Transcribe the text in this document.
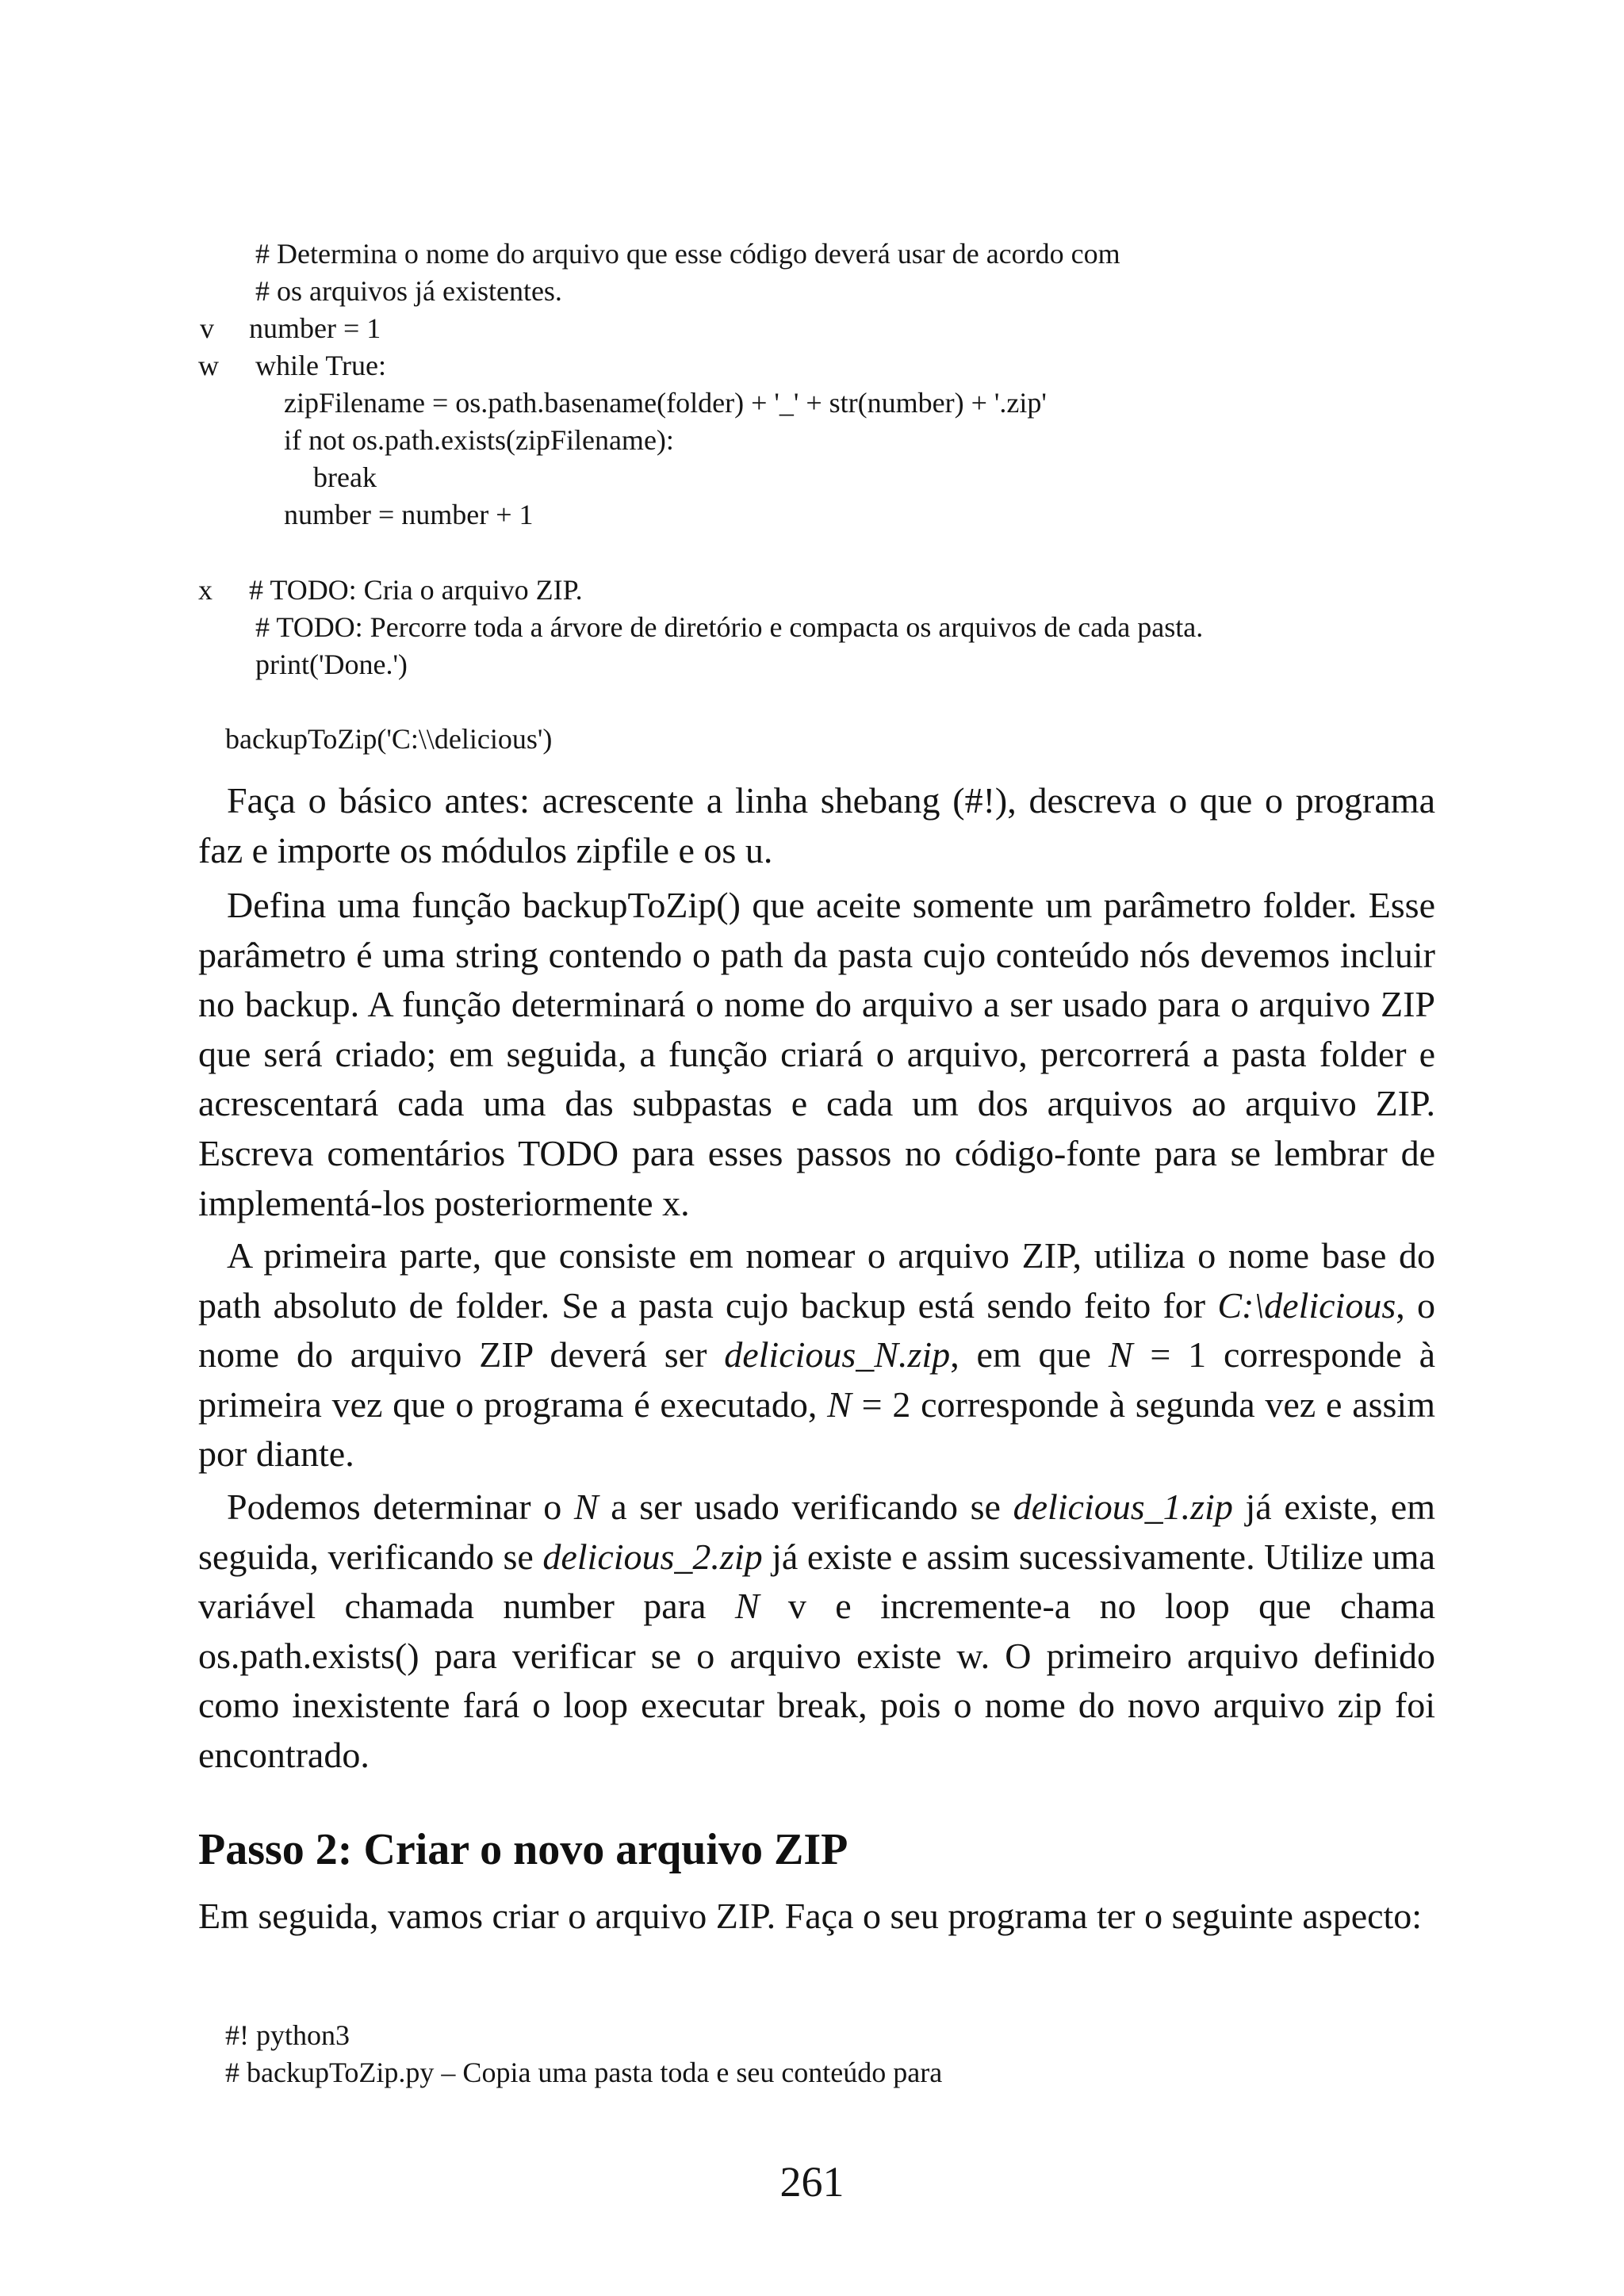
# Determina o nome do arquivo que esse código deverá usar de acordo com
# os arquivos já existentes.
v number = 1
w while True:
zipFilename = os.path.basename(folder) + '_' + str(number) + '.zip'
if not os.path.exists(zipFilename):
break
number = number + 1
x # TODO: Cria o arquivo ZIP.
# TODO: Percorre toda a árvore de diretório e compacta os arquivos de cada pasta.
print('Done.')
backupToZip('C:\\delicious')

Faça o básico antes: acrescente a linha shebang (#!), descreva o que o programa faz e importe os módulos zipfile e os u.

Defina uma função backupToZip() que aceite somente um parâmetro folder. Esse parâmetro é uma string contendo o path da pasta cujo conteúdo nós devemos incluir no backup. A função determinará o nome do arquivo a ser usado para o arquivo ZIP que será criado; em seguida, a função criará o arquivo, percorrerá a pasta folder e acrescentará cada uma das subpastas e cada um dos arquivos ao arquivo ZIP. Escreva comentários TODO para esses passos no código-fonte para se lembrar de implementá-los posteriormente x.

A primeira parte, que consiste em nomear o arquivo ZIP, utiliza o nome base do path absoluto de folder. Se a pasta cujo backup está sendo feito for C:\delicious, o nome do arquivo ZIP deverá ser delicious_N.zip, em que N = 1 corresponde à primeira vez que o programa é executado, N = 2 corresponde à segunda vez e assim por diante.

Podemos determinar o N a ser usado verificando se delicious_1.zip já existe, em seguida, verificando se delicious_2.zip já existe e assim sucessivamente. Utilize uma variável chamada number para N v e incremente-a no loop que chama os.path.exists() para verificar se o arquivo existe w. O primeiro arquivo definido como inexistente fará o loop executar break, pois o nome do novo arquivo zip foi encontrado.

Passo 2: Criar o novo arquivo ZIP

Em seguida, vamos criar o arquivo ZIP. Faça o seu programa ter o seguinte aspecto:

#! python3
# backupToZip.py – Copia uma pasta toda e seu conteúdo para
261
